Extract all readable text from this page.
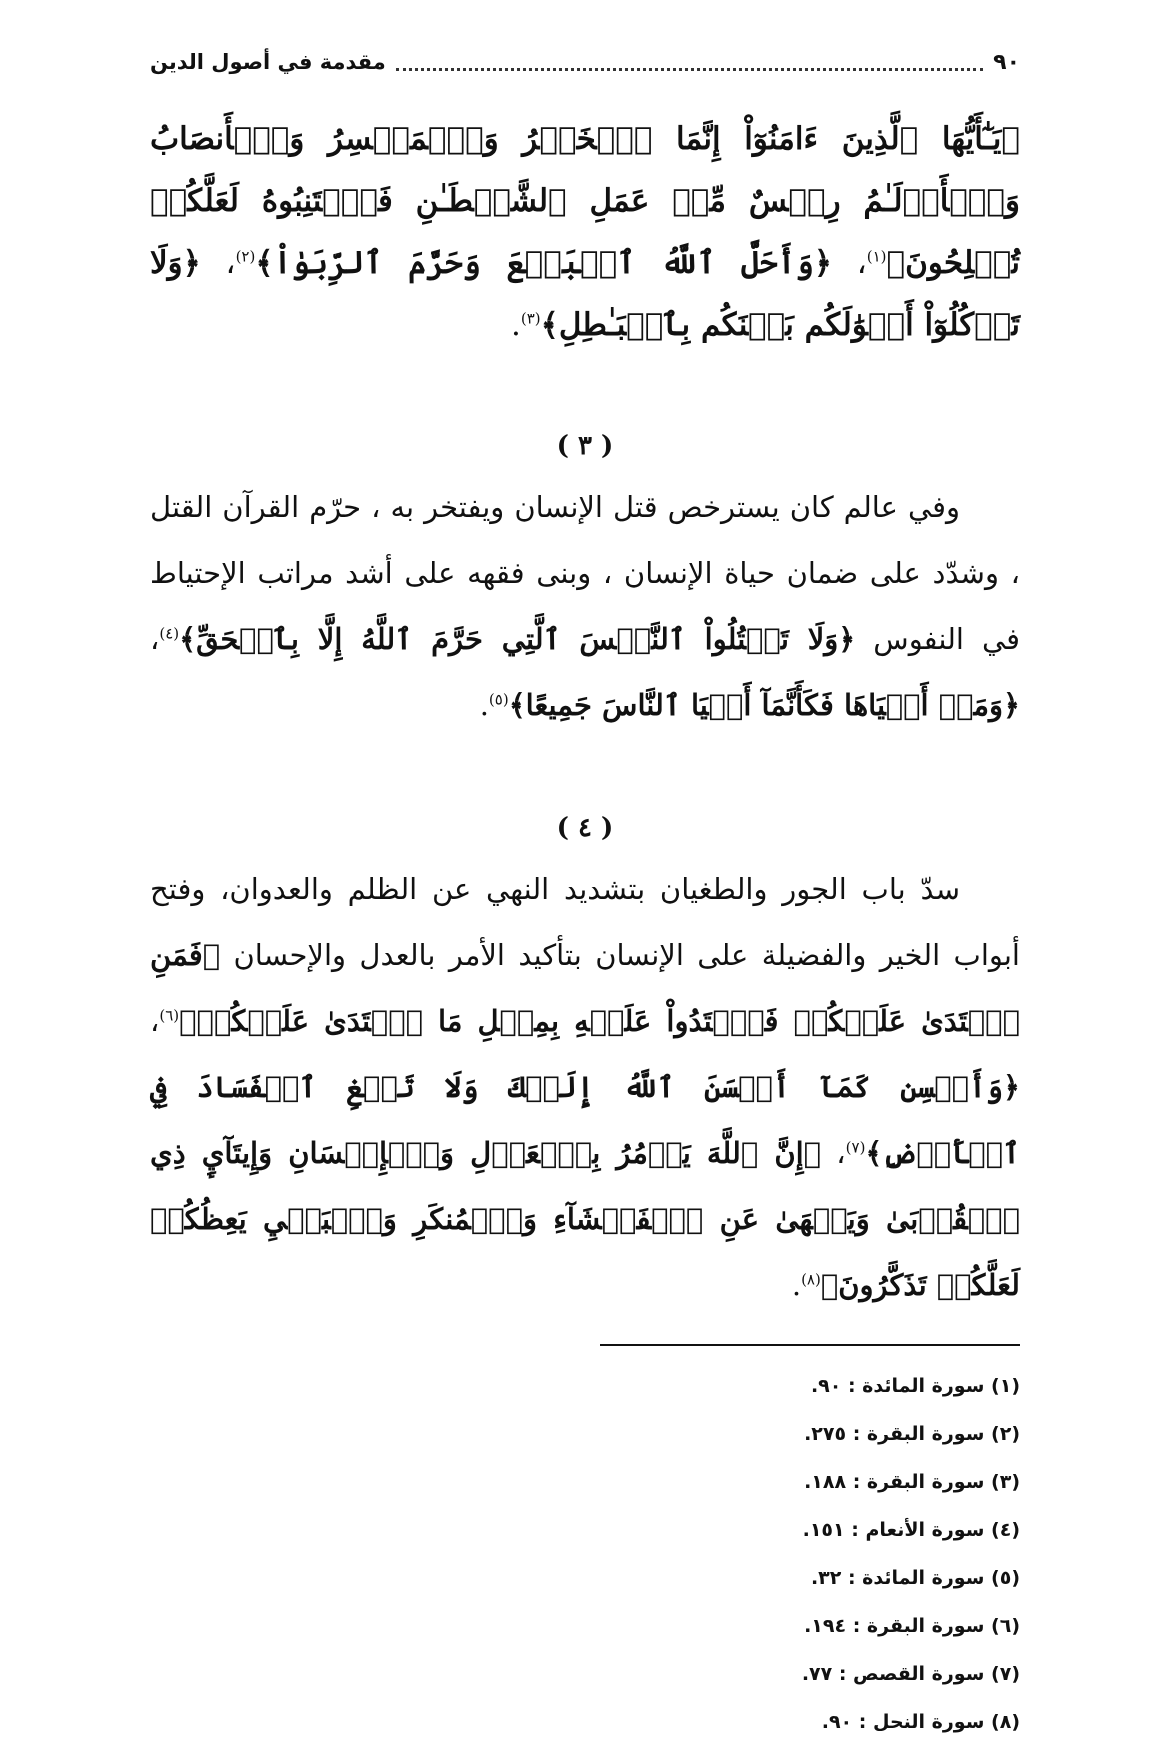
٩٠
مقدمة في أصول الدين

﴿يَـٰٓأَيُّهَا ٱلَّذِينَ ءَامَنُوٓاْ إِنَّمَا ٱلۡخَمۡرُ وَٱلۡمَيۡسِرُ وَٱلۡأَنصَابُ وَٱلۡأَزۡلَـٰمُ رِجۡسٌ مِّنۡ عَمَلِ ٱلشَّيۡطَـٰنِ فَٱجۡتَنِبُوهُ لَعَلَّكُمۡ تُفۡلِحُونَ﴾$^{(١)}$، ﴿وَأَحَلَّ ٱللَّهُ ٱلۡبَيۡعَ وَحَرَّمَ ٱلرِّبَوٰاْ﴾$^{(٢)}$، ﴿وَلَا تَأۡكُلُوٓاْ أَمۡوَٰلَكُم بَيۡنَكُم بِٱلۡبَـٰطِلِ﴾$^{(٣)}$.

( ٣ )

وفي عالم كان يسترخص قتل الإنسان ويفتخر به ، حرّم القرآن القتل ، وشدّد على ضمان حياة الإنسان ، وبنى فقهه على أشد مراتب الإحتياط في النفوس ﴿وَلَا تَقۡتُلُواْ ٱلنَّفۡسَ ٱلَّتِي حَرَّمَ ٱللَّهُ إِلَّا بِٱلۡحَقِّ﴾$^{(٤)}$، ﴿وَمَنۡ أَحۡيَاهَا فَكَأَنَّمَآ أَحۡيَا ٱلنَّاسَ جَمِيعًا﴾$^{(٥)}$.

( ٤ )

سدّ باب الجور والطغيان بتشديد النهي عن الظلم والعدوان، وفتح أبواب الخير والفضيلة على الإنسان بتأكيد الأمر بالعدل والإحسان ﴿فَمَنِ ٱعۡتَدَىٰ عَلَيۡكُمۡ فَٱعۡتَدُواْ عَلَيۡهِ بِمِثۡلِ مَا ٱعۡتَدَىٰ عَلَيۡكُمۡ﴾$^{(٦)}$، ﴿وَأَحۡسِن كَمَآ أَحۡسَنَ ٱللَّهُ إِلَيۡكَ وَلَا تَبۡغِ ٱلۡفَسَادَ فِي ٱلۡأَرۡضِ﴾$^{(٧)}$، ﴿إِنَّ ٱللَّهَ يَأۡمُرُ بِٱلۡعَدۡلِ وَٱلۡإِحۡسَانِ وَإِيتَآيِٕ ذِي ٱلۡقُرۡبَىٰ وَيَنۡهَىٰ عَنِ ٱلۡفَحۡشَآءِ وَٱلۡمُنكَرِ وَٱلۡبَغۡيِ يَعِظُكُمۡ لَعَلَّكُمۡ تَذَكَّرُونَ﴾$^{(٨)}$.

(١) سورة المائدة : ٩٠.
(٢) سورة البقرة : ٢٧٥.
(٣) سورة البقرة : ١٨٨.
(٤) سورة الأنعام : ١٥١.
(٥) سورة المائدة : ٣٢.
(٦) سورة البقرة : ١٩٤.
(٧) سورة القصص : ٧٧.
(٨) سورة النحل : ٩٠.
